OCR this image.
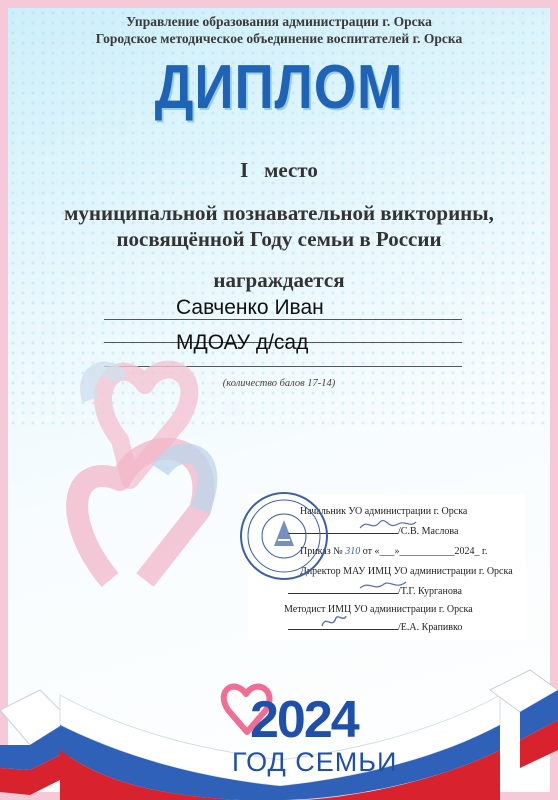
Управление образования администрации г. Орска
Городское методическое объединение воспитателей г. Орска
ДИПЛОМ
I   место
муниципальной познавательной викторины,
посвящённой Году семьи в России
награждается
Савченко Иван
МДОАУ д/сад
(количество балов 17-14)
Начальник УО администрации г. Орска
/С.В. Маслова
Приказ № 310 от «___»___________2024_ г.
Директор МАУ ИМЦ УО администрации г. Орска
/Т.Г. Курганова
Методист ИМЦ УО администрации г. Орска
/Е.А. Крапивко
2024
ГОД СЕМЬИ
